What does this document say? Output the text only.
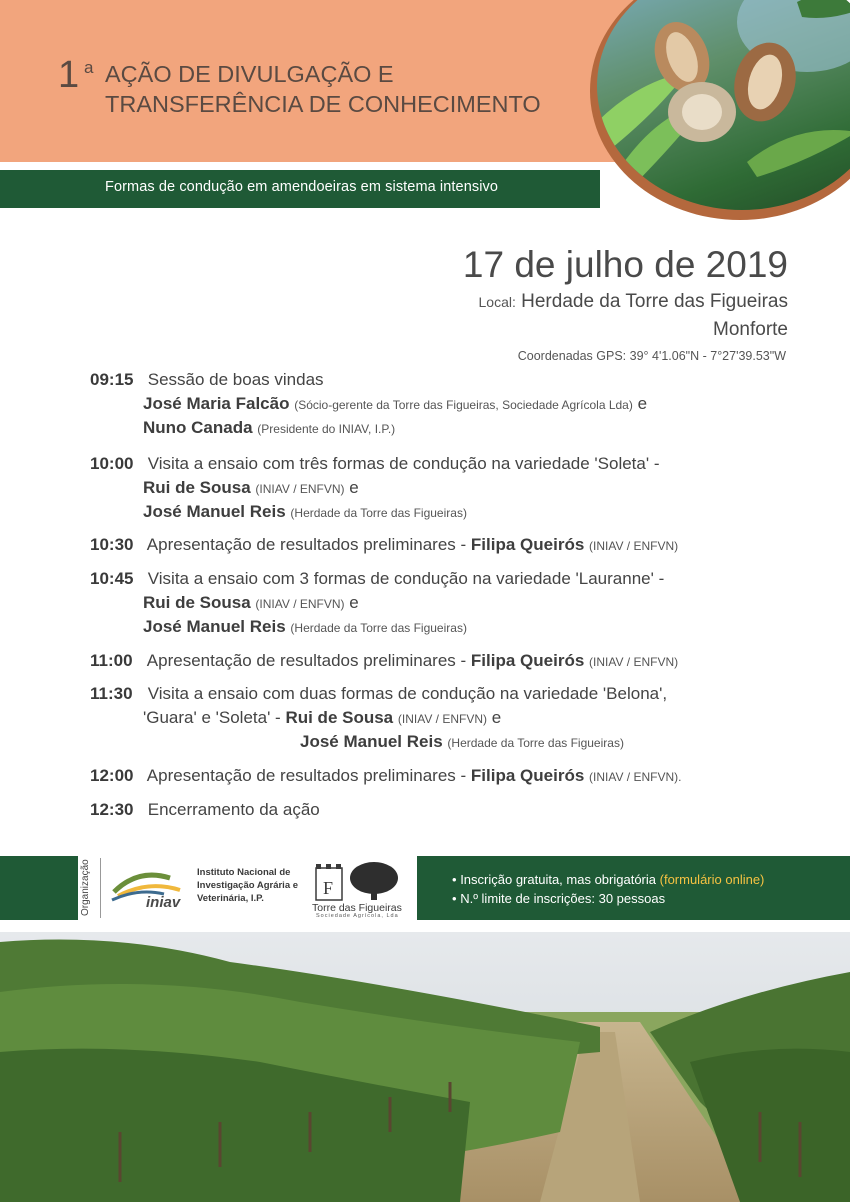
1 a AÇÃO DE DIVULGAÇÃO E
TRANSFERÊNCIA DE CONHECIMENTO
Formas de condução em amendoeiras em sistema intensivo
17 de julho de 2019
Local: Herdade da Torre das Figueiras
Monforte
Coordenadas GPS: 39° 4'1.06"N - 7°27'39.53"W
09:15 Sessão de boas vindas
José Maria Falcão (Sócio-gerente da Torre das Figueiras, Sociedade Agrícola Lda) e
Nuno Canada (Presidente do INIAV, I.P.)
10:00 Visita a ensaio com três formas de condução na variedade 'Soleta' -
Rui de Sousa (INIAV / ENFVN) e
José Manuel Reis (Herdade da Torre das Figueiras)
10:30 Apresentação de resultados preliminares - Filipa Queirós (INIAV / ENFVN)
10:45 Visita a ensaio com 3 formas de condução na variedade 'Lauranne' -
Rui de Sousa (INIAV / ENFVN) e
José Manuel Reis (Herdade da Torre das Figueiras)
11:00 Apresentação de resultados preliminares - Filipa Queirós (INIAV / ENFVN)
11:30 Visita a ensaio com duas formas de condução na variedade 'Belona',
'Guara' e 'Soleta' - Rui de Sousa (INIAV / ENFVN) e
José Manuel Reis (Herdade da Torre das Figueiras)
12:00 Apresentação de resultados preliminares - Filipa Queirós (INIAV / ENFVN).
12:30 Encerramento da ação
Organização	iniav
Instituto Nacional de
Investigação Agrária e
Veterinária, I.P.
F
Torre das Figueiras
Sociedade Agrícola, Lda
• Inscrição gratuita, mas obrigatória (formulário online)
• N.º limite de inscrições: 30 pessoas
